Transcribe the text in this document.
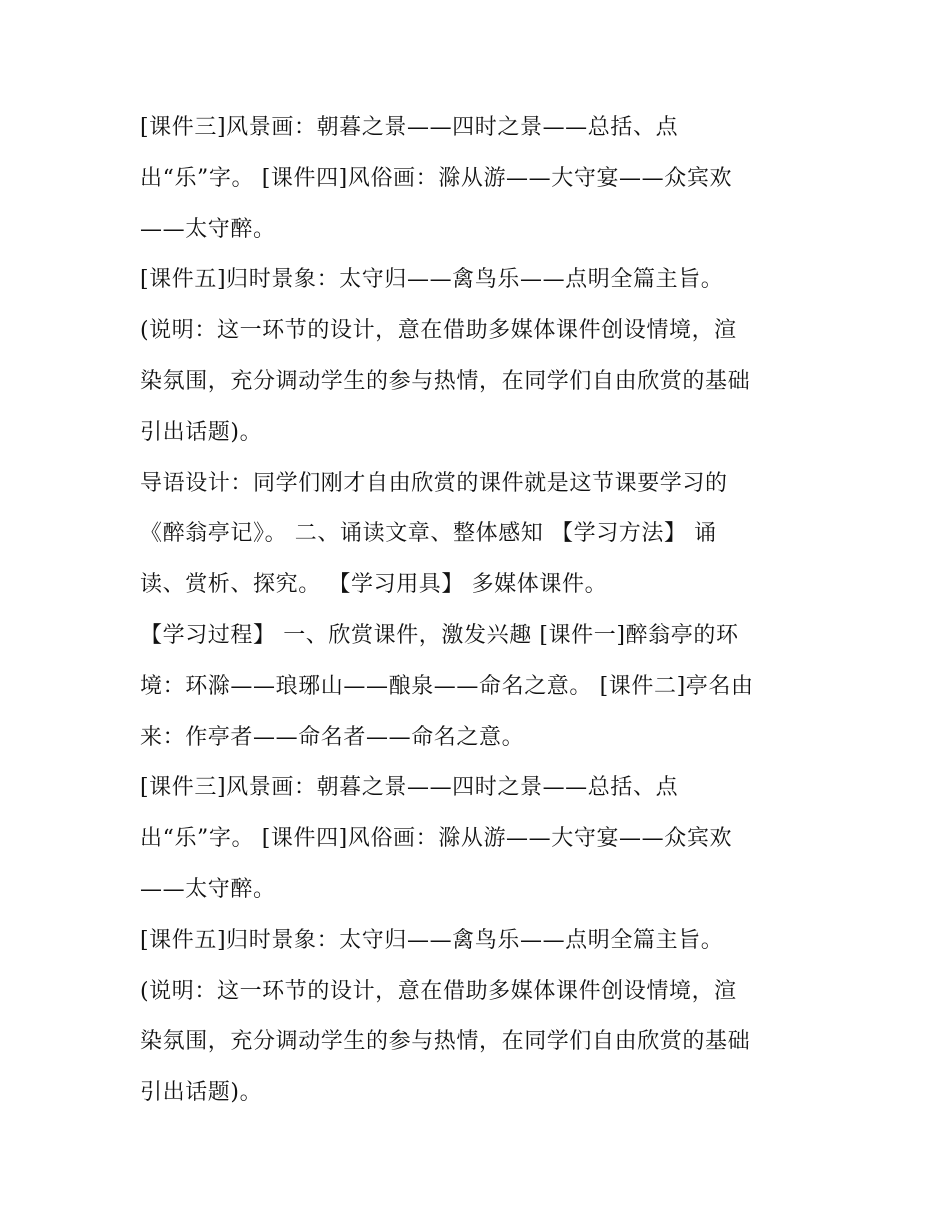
[课件三]风景画：朝暮之景——四时之景——总括、点
出“乐”字。 [课件四]风俗画：滁从游——大守宴——众宾欢
——太守醉。
[课件五]归时景象：太守归——禽鸟乐——点明全篇主旨。
(说明：这一环节的设计，意在借助多媒体课件创设情境，渲
染氛围，充分调动学生的参与热情，在同学们自由欣赏的基础
引出话题)。
导语设计：同学们刚才自由欣赏的课件就是这节课要学习的
《醉翁亭记》。 二、诵读文章、整体感知 【学习方法】 诵
读、赏析、探究。 【学习用具】 多媒体课件。
【学习过程】 一、欣赏课件，激发兴趣 [课件一]醉翁亭的环
境：环滁——琅琊山——酿泉——命名之意。 [课件二]亭名由
来：作亭者——命名者——命名之意。
[课件三]风景画：朝暮之景——四时之景——总括、点
出“乐”字。 [课件四]风俗画：滁从游——大守宴——众宾欢
——太守醉。
[课件五]归时景象：太守归——禽鸟乐——点明全篇主旨。
(说明：这一环节的设计，意在借助多媒体课件创设情境，渲
染氛围，充分调动学生的参与热情，在同学们自由欣赏的基础
引出话题)。
